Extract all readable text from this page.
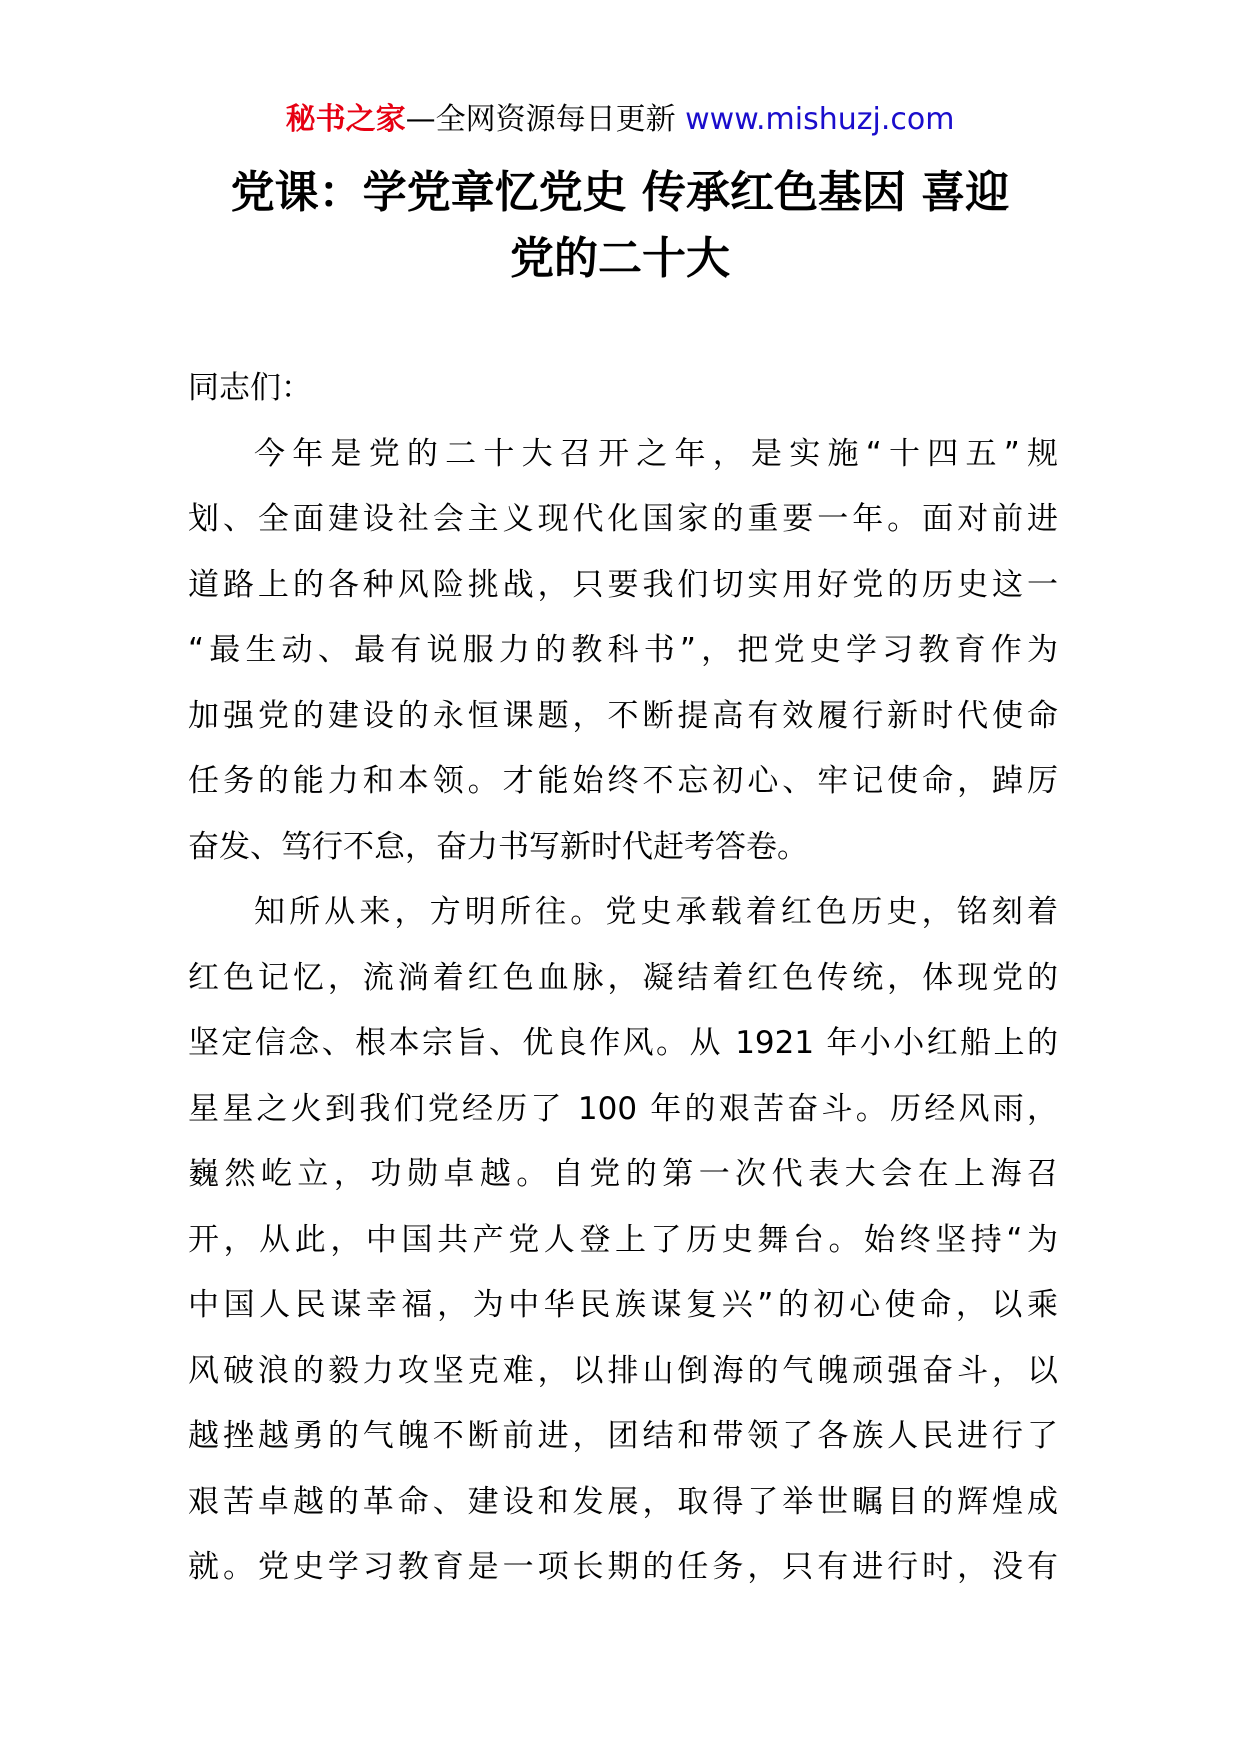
秘书之家—全网资源每日更新 www.mishuzj.com
党课：学党章忆党史 传承红色基因 喜迎
党的二十大
同志们：
今年是党的二十大召开之年，是实施“十四五”规
划、全面建设社会主义现代化国家的重要一年。面对前进
道路上的各种风险挑战，只要我们切实用好党的历史这一
“最生动、最有说服力的教科书”，把党史学习教育作为
加强党的建设的永恒课题，不断提高有效履行新时代使命
任务的能力和本领。才能始终不忘初心、牢记使命，踔厉
奋发、笃行不怠，奋力书写新时代赶考答卷。
知所从来，方明所往。党史承载着红色历史，铭刻着
红色记忆，流淌着红色血脉，凝结着红色传统，体现党的
坚定信念、根本宗旨、优良作风。从 1921 年小小红船上的
星星之火到我们党经历了 100 年的艰苦奋斗。历经风雨，
巍然屹立，功勋卓越。自党的第一次代表大会在上海召
开，从此，中国共产党人登上了历史舞台。始终坚持“为
中国人民谋幸福，为中华民族谋复兴”的初心使命，以乘
风破浪的毅力攻坚克难，以排山倒海的气魄顽强奋斗，以
越挫越勇的气魄不断前进，团结和带领了各族人民进行了
艰苦卓越的革命、建设和发展，取得了举世瞩目的辉煌成
就。党史学习教育是一项长期的任务，只有进行时，没有
